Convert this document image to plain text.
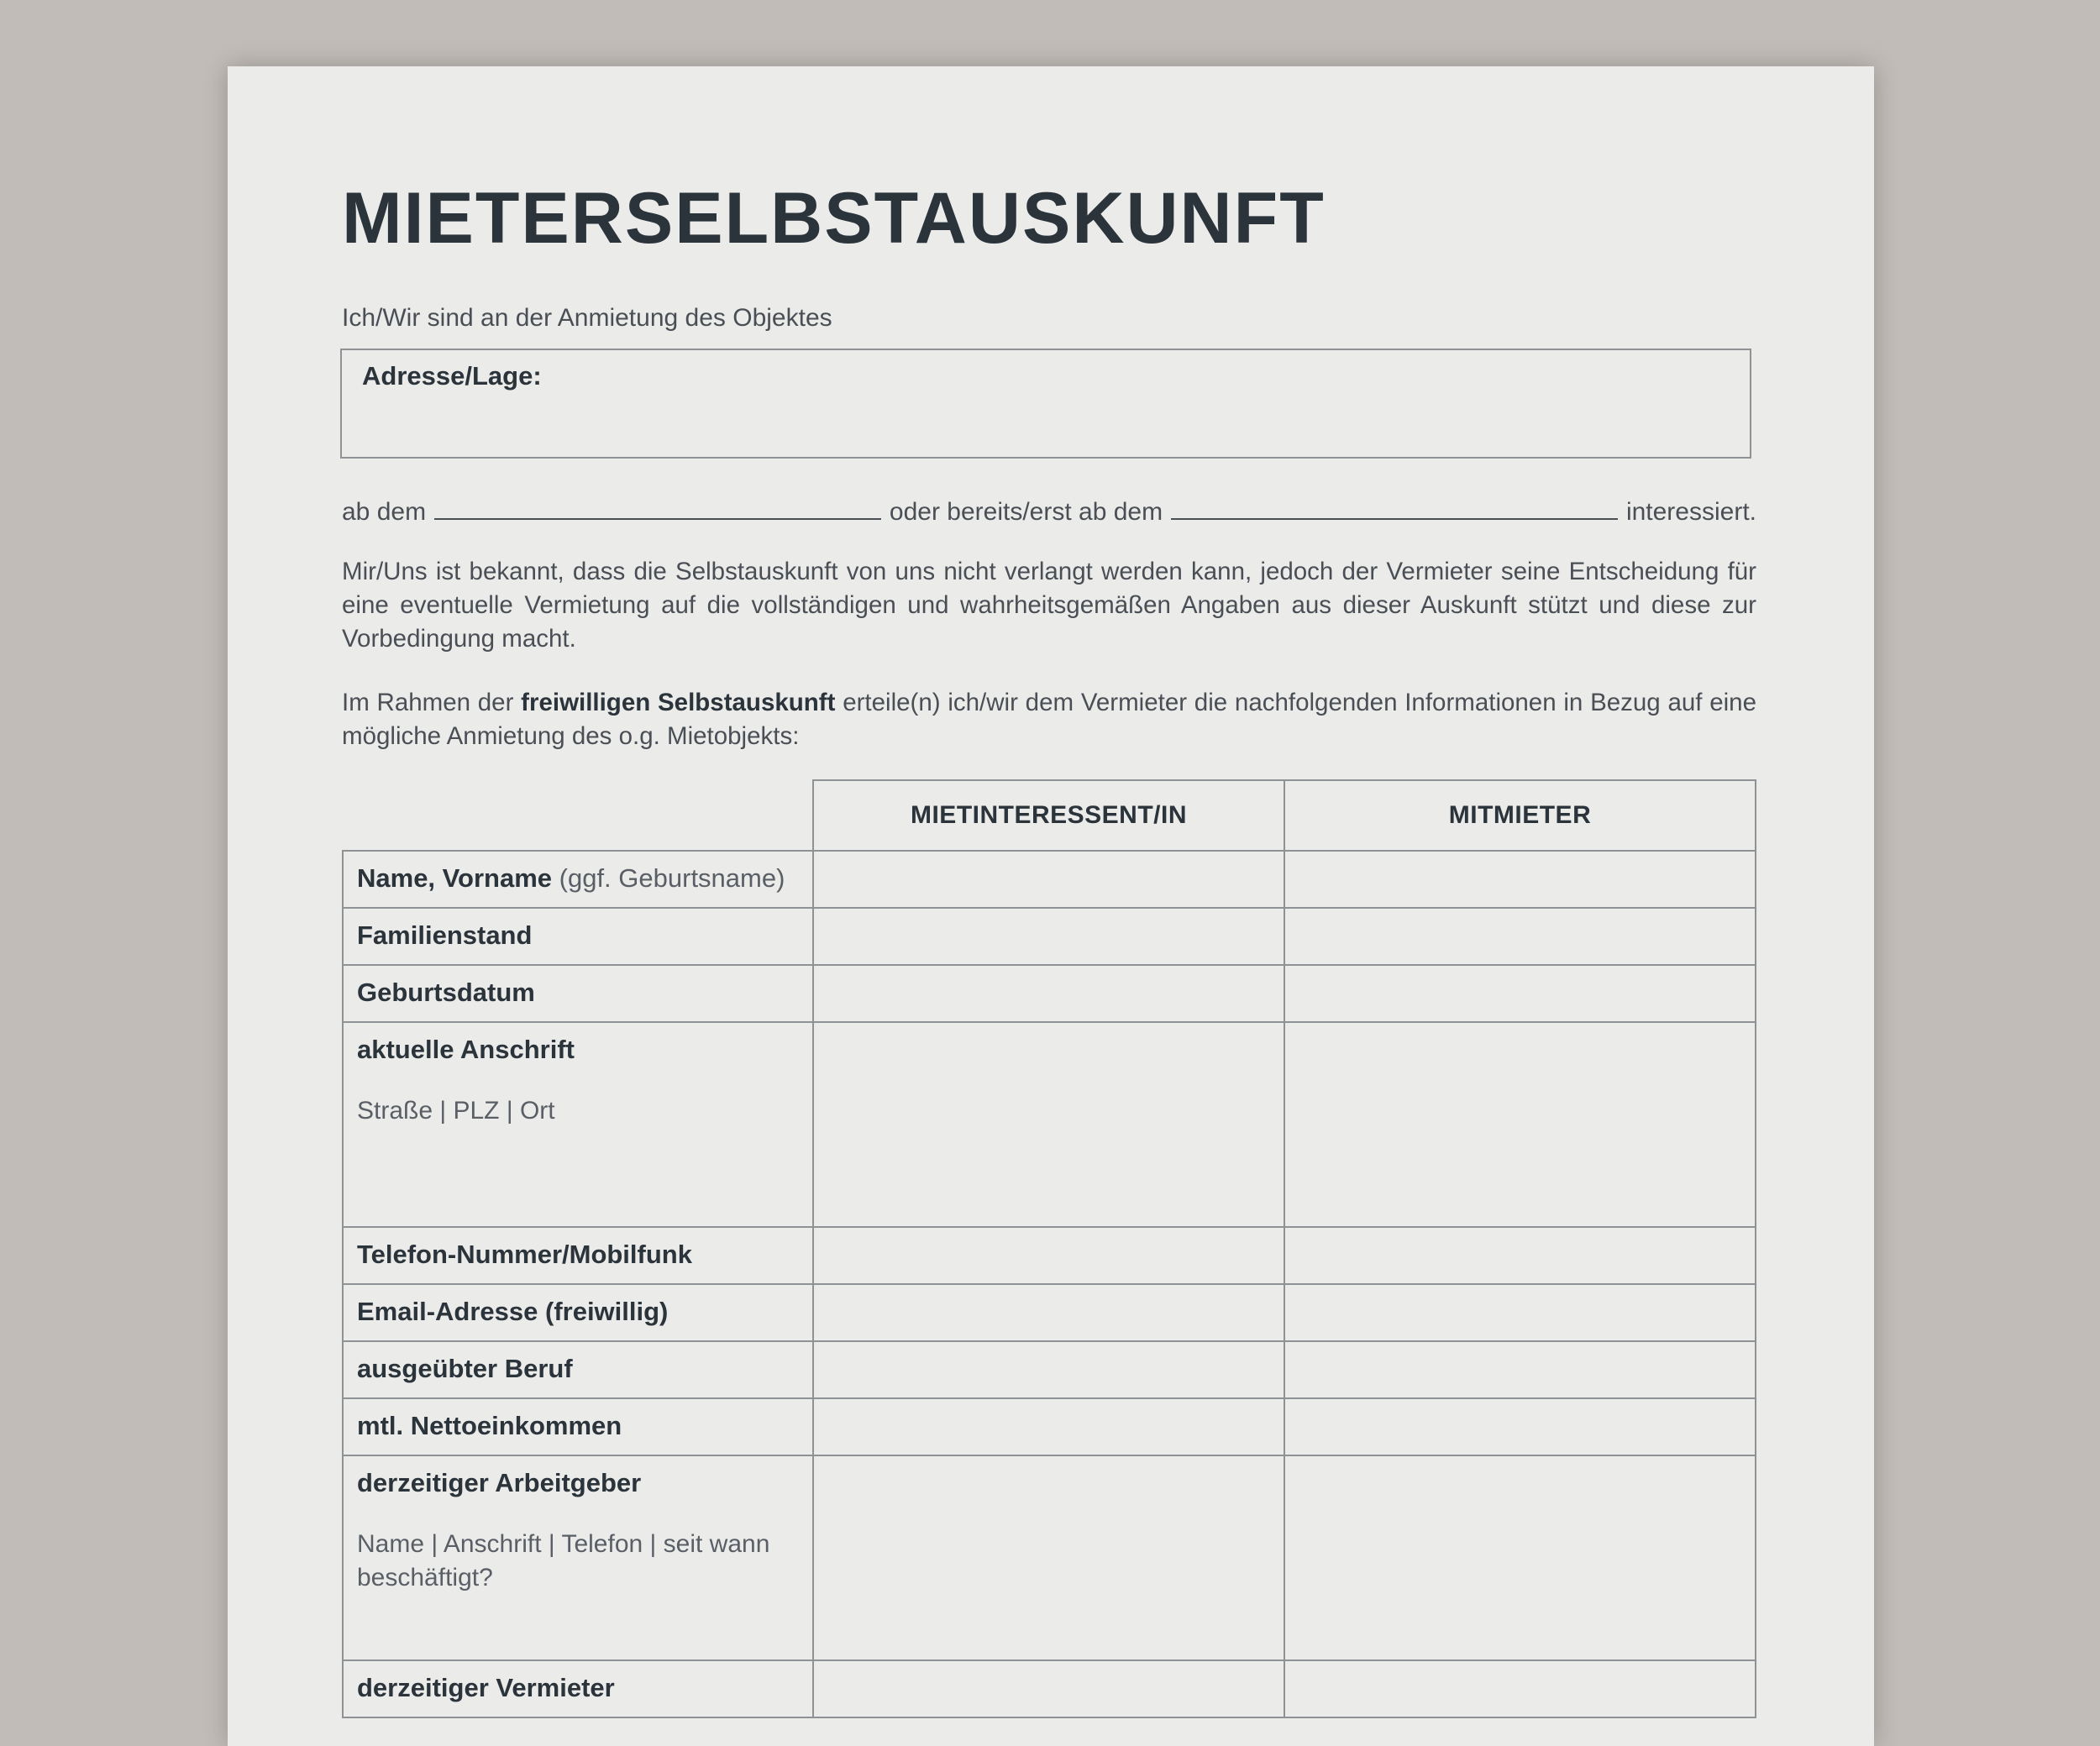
MIETERSELBSTAUSKUNFT

Ich/Wir sind an der Anmietung des Objektes

Adresse/Lage:
ab dem	oder bereits/erst ab dem	interessiert.

Mir/Uns ist bekannt, dass die Selbstauskunft von uns nicht verlangt werden kann, jedoch der Vermieter seine Entscheidung für eine eventuelle Vermietung auf die vollständigen und wahrheitsgemäßen Angaben aus dieser Auskunft stützt und diese zur Vorbedingung macht.

Im Rahmen der freiwilligen Selbstauskunft erteile(n) ich/wir dem Vermieter die nachfolgenden Informationen in Bezug auf eine mögliche Anmietung des o.g. Mietobjekts:

	MIETINTERESSENT/IN	MITMIETER

Name, Vorname (ggf. Geburtsname)		

Familienstand		

Geburtsdatum		

aktuelle Anschrift
Straße | PLZ | Ort		

Telefon-Nummer/Mobilfunk		

Email-Adresse (freiwillig)		

ausgeübter Beruf		

mtl. Nettoeinkommen		

derzeitiger Arbeitgeber
Name | Anschrift | Telefon | seit wann beschäftigt?		

derzeitiger Vermieter		
